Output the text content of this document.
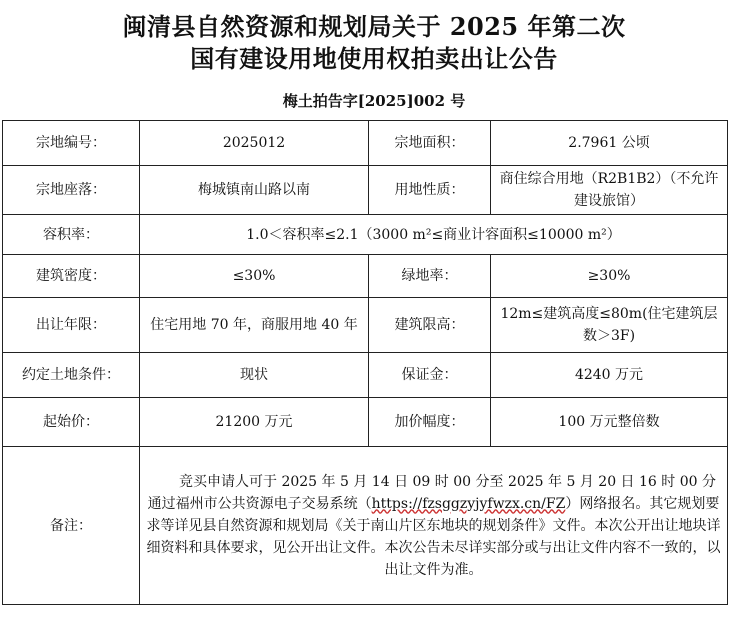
闽清县自然资源和规划局关于 2025 年第二次
国有建设用地使用权拍卖出让公告
梅土拍告字[2025]002 号
宗地编号：	2025012	宗地面积：	2.7961 公顷
宗地座落：	梅城镇南山路以南	用地性质：	商住综合用地（R2B1B2）（不允许建设旅馆）
容积率：	1.0＜容积率≤2.1（3000 m²≤商业计容面积≤10000 m²）		
建筑密度：	≤30%	绿地率：	≥30%
出让年限：	住宅用地 70 年，商服用地 40 年	建筑限高：	12m≤建筑高度≤80m(住宅建筑层数＞3F)
约定土地条件：	现状	保证金：	4240 万元
起始价：	21200 万元	加价幅度：	100 万元整倍数
备注：	竞买申请人可于 2025 年 5 月 14 日 09 时 00 分至 2025 年 5 月 20 日 16 时 00 分通过福州市公共资源电子交易系统（https://fzsggzyjyfwzx.cn/FZ）网络报名。其它规划要求等详见县自然资源和规划局《关于南山片区东地块的规划条件》文件。本次公开出让地块详细资料和具体要求，见公开出让文件。本次公告未尽详实部分或与出让文件内容不一致的，以出让文件为准。		
